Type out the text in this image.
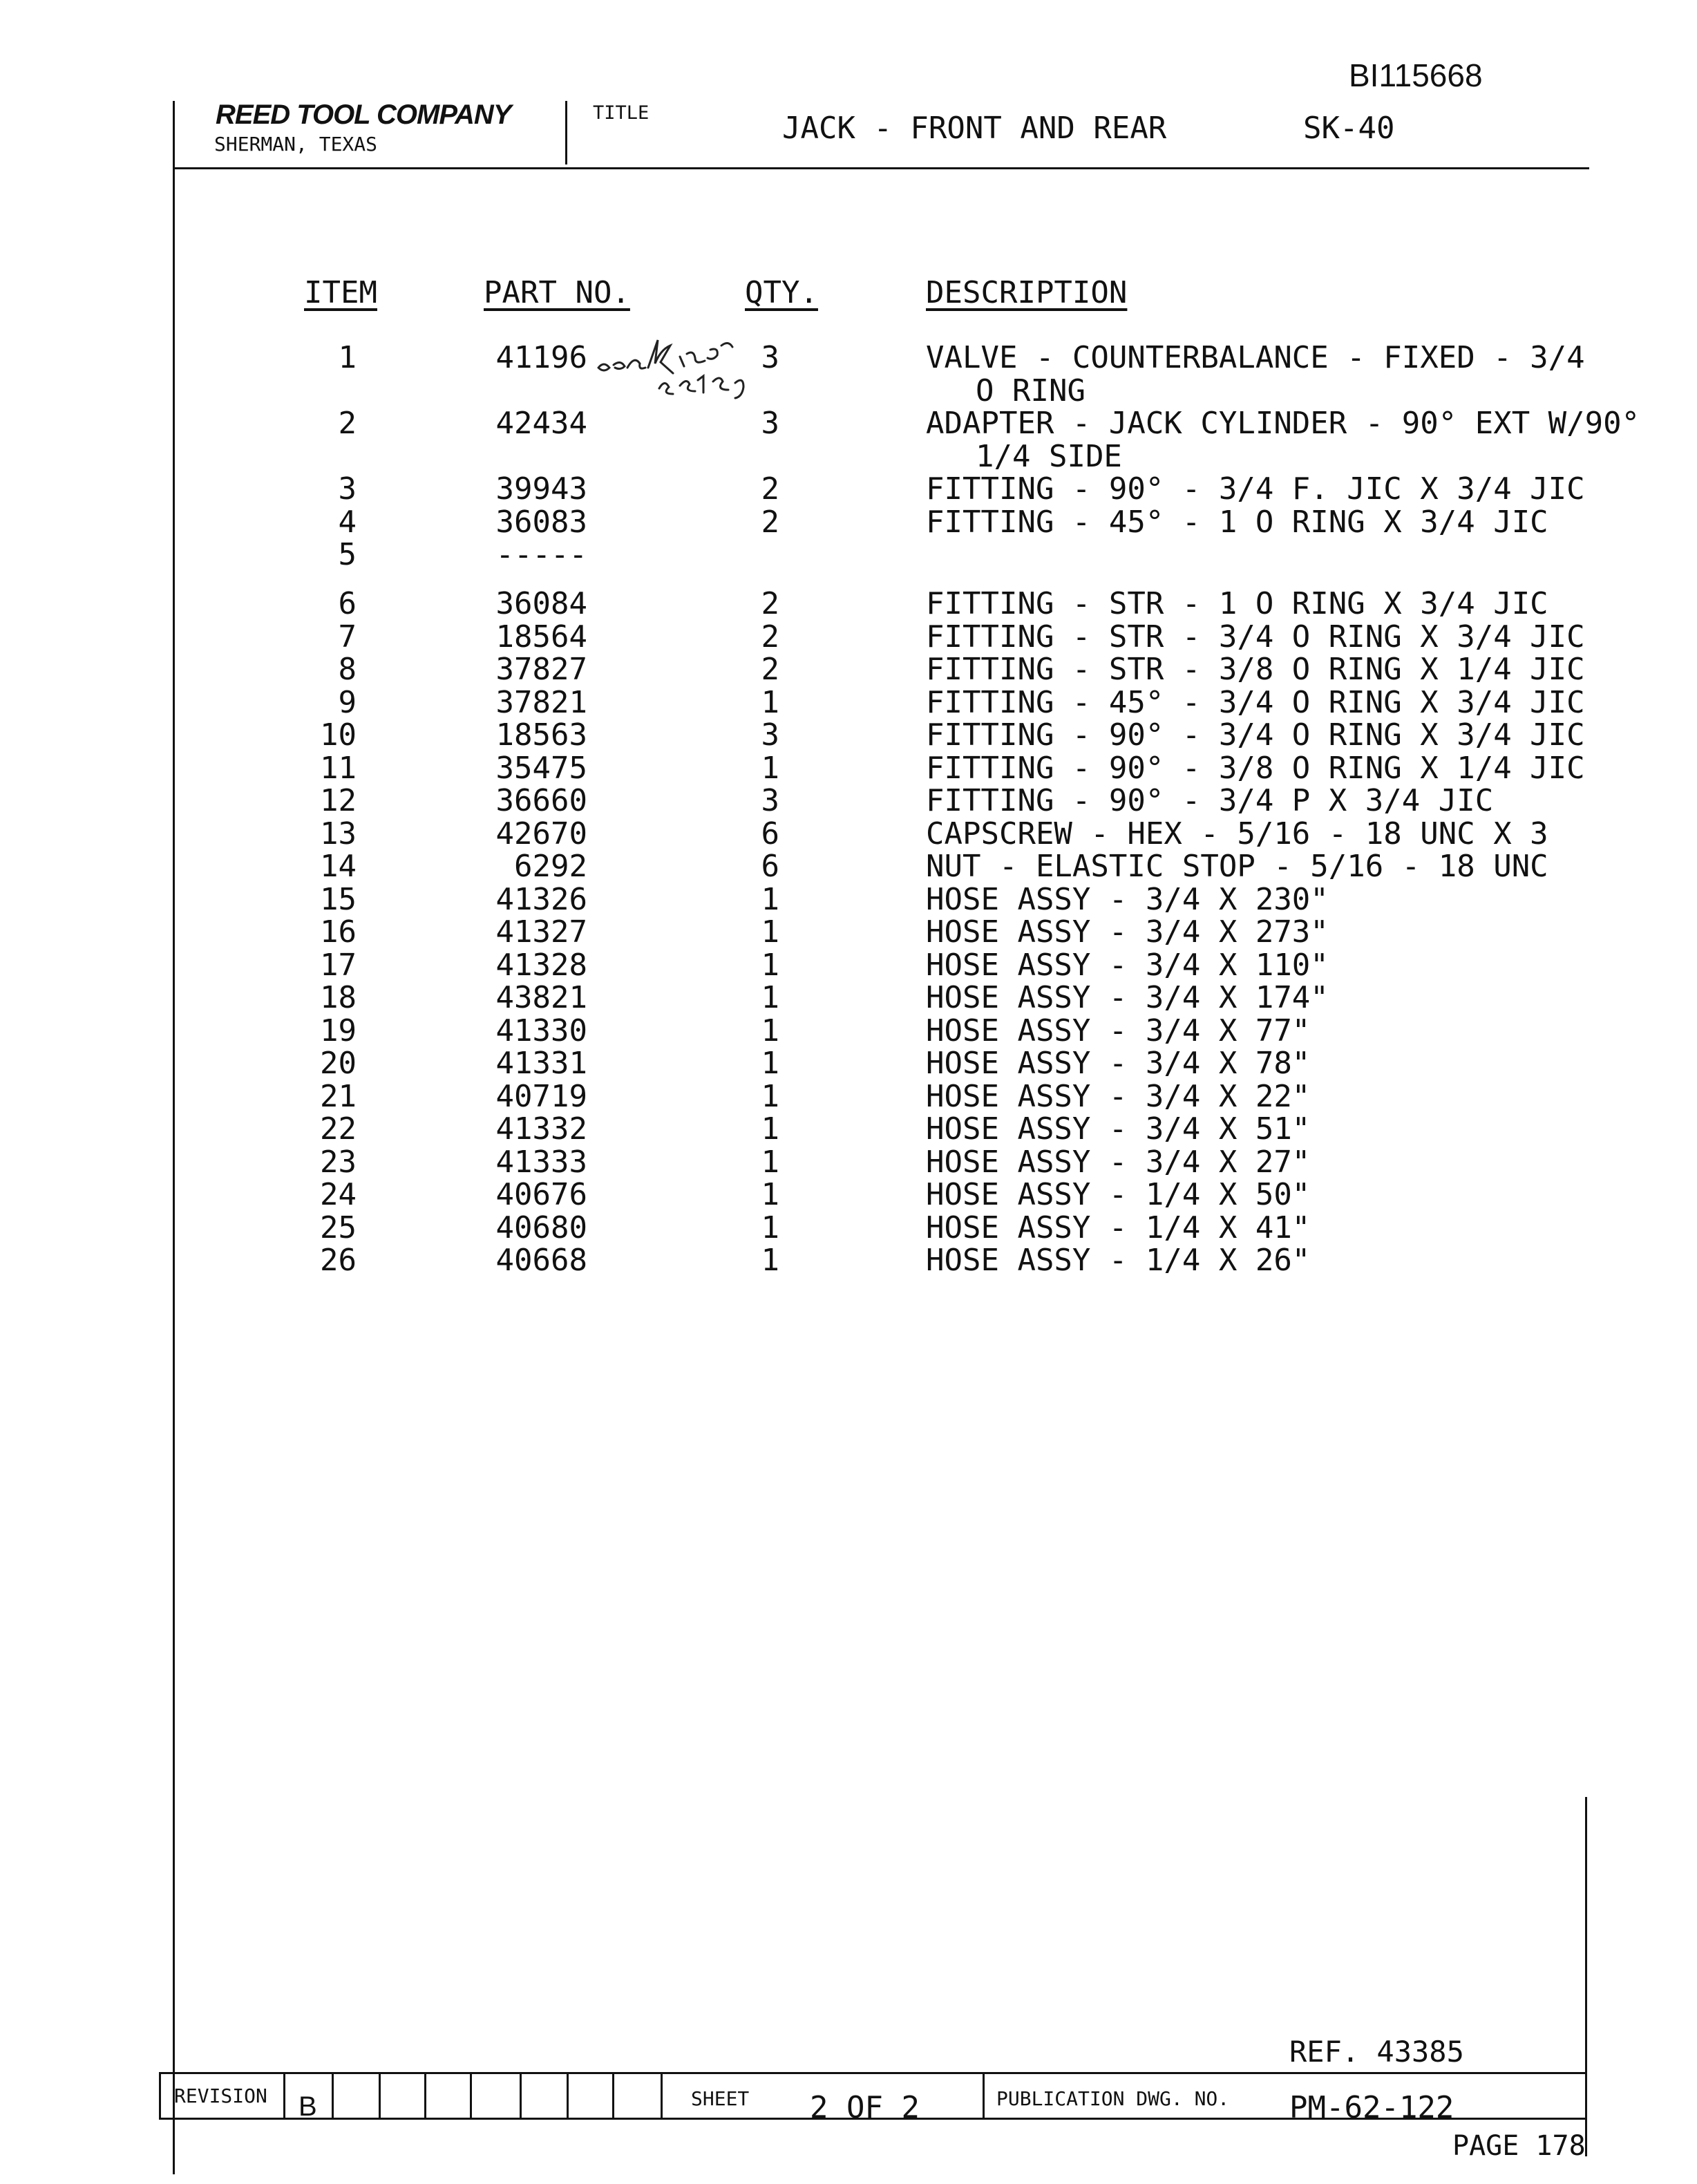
BI115668
REED TOOL COMPANY
SHERMAN, TEXAS
TITLE	JACK - FRONT AND REAR	SK-40
ITEM	PART NO.	QTY.	DESCRIPTION
1	41196	3	VALVE - COUNTERBALANCE - FIXED - 3/4
O RING
2	42434	3	ADAPTER - JACK CYLINDER - 90° EXT W/90°
1/4 SIDE
3	39943	2	FITTING - 90° - 3/4 F. JIC X 3/4 JIC
4	36083	2	FITTING - 45° - 1 O RING X 3/4 JIC
5	-----
6	36084	2	FITTING - STR - 1 O RING X 3/4 JIC
7	18564	2	FITTING - STR - 3/4 O RING X 3/4 JIC
8	37827	2	FITTING - STR - 3/8 O RING X 1/4 JIC
9	37821	1	FITTING - 45° - 3/4 O RING X 3/4 JIC
10	18563	3	FITTING - 90° - 3/4 O RING X 3/4 JIC
11	35475	1	FITTING - 90° - 3/8 O RING X 1/4 JIC
12	36660	3	FITTING - 90° - 3/4 P X 3/4 JIC
13	42670	6	CAPSCREW - HEX - 5/16 - 18 UNC X 3
14	6292	6	NUT - ELASTIC STOP - 5/16 - 18 UNC
15	41326	1	HOSE ASSY - 3/4 X 230"
16	41327	1	HOSE ASSY - 3/4 X 273"
17	41328	1	HOSE ASSY - 3/4 X 110"
18	43821	1	HOSE ASSY - 3/4 X 174"
19	41330	1	HOSE ASSY - 3/4 X 77"
20	41331	1	HOSE ASSY - 3/4 X 78"
21	40719	1	HOSE ASSY - 3/4 X 22"
22	41332	1	HOSE ASSY - 3/4 X 51"
23	41333	1	HOSE ASSY - 3/4 X 27"
24	40676	1	HOSE ASSY - 1/4 X 50"
25	40680	1	HOSE ASSY - 1/4 X 41"
26	40668	1	HOSE ASSY - 1/4 X 26"
REF. 43385
REVISION B	SHEET 2 OF 2	PUBLICATION DWG. NO. PM-62-122
PAGE 178
